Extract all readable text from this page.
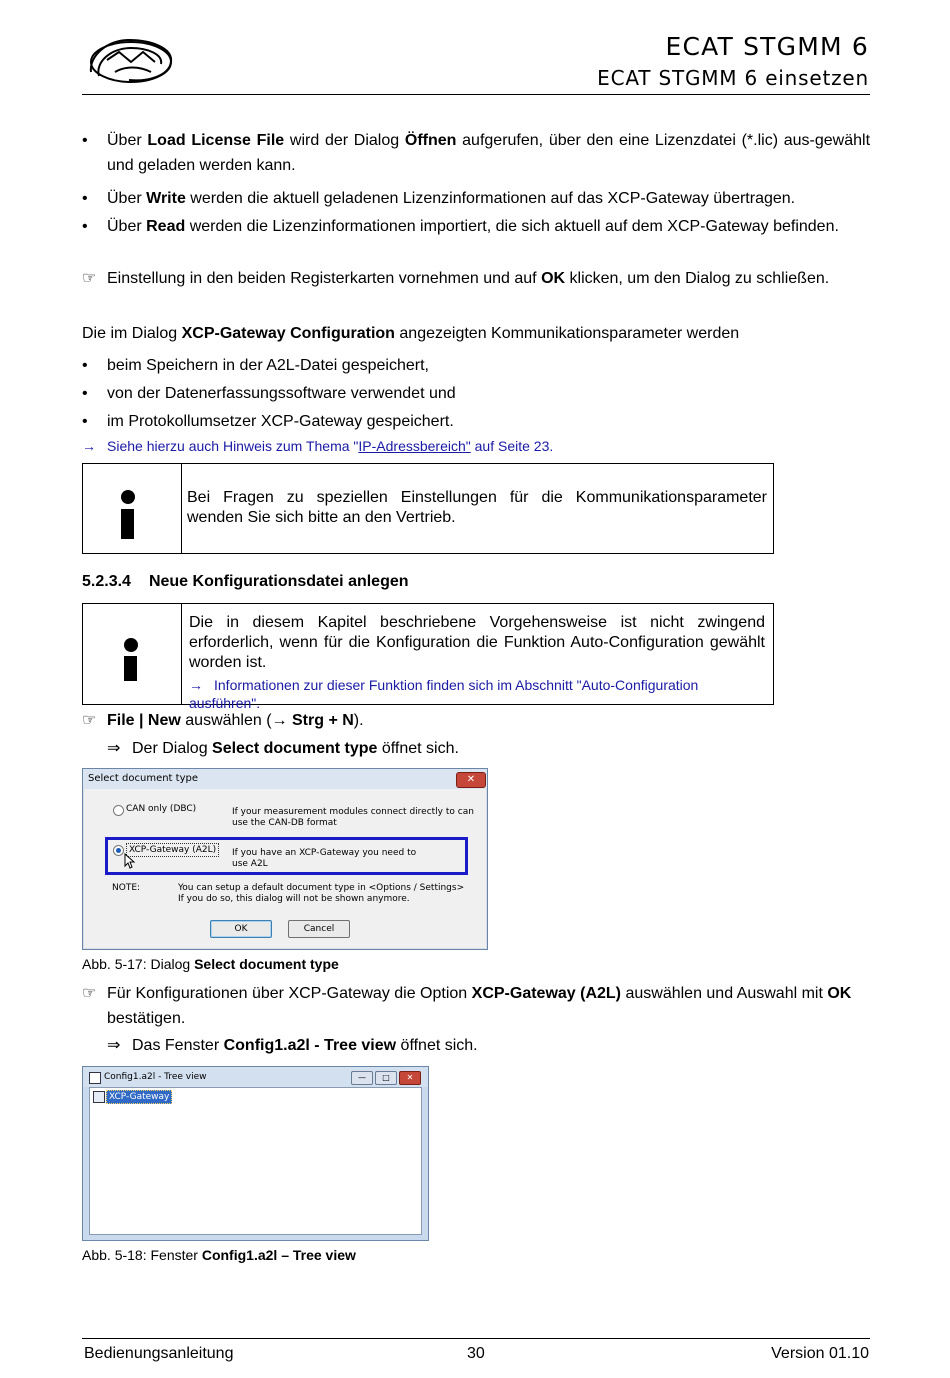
ECAT STGMM 6
ECAT STGMM 6 einsetzen
•	Über Load License File wird der Dialog Öffnen aufgerufen, über den eine Lizenzdatei (*.lic) aus-gewählt und geladen werden kann.
•	Über Write werden die aktuell geladenen Lizenzinformationen auf das XCP-Gateway übertragen.
•	Über Read werden die Lizenzinformationen importiert, die sich aktuell auf dem XCP-Gateway befinden.
☞ Einstellung in den beiden Registerkarten vornehmen und auf OK klicken, um den Dialog zu schließen.
Die im Dialog XCP-Gateway Configuration angezeigten Kommunikationsparameter werden
•	beim Speichern in der A2L-Datei gespeichert,
•	von der Datenerfassungssoftware verwendet und
•	im Protokollumsetzer XCP-Gateway gespeichert.
→ Siehe hierzu auch Hinweis zum Thema "IP-Adressbereich" auf Seite 23.
Bei Fragen zu speziellen Einstellungen für die Kommunikationsparameter wenden Sie sich bitte an den Vertrieb.
5.2.3.4 Neue Konfigurationsdatei anlegen
Die in diesem Kapitel beschriebene Vorgehensweise ist nicht zwingend erforderlich, wenn für die Konfiguration die Funktion Auto-Configuration gewählt worden ist.
→ Informationen zur dieser Funktion finden sich im Abschnitt "Auto-Configuration ausführen".
☞ File | New auswählen (→ Strg + N).
⇒ Der Dialog Select document type öffnet sich.
Select document type	✕
CAN only (DBC)	If your measurement modules connect directly to can
use the CAN-DB format
XCP-Gateway (A2L)	If you have an XCP-Gateway you need to
use A2L
NOTE:	You can setup a default document type in <Options / Settings>
If you do so, this dialog will not be shown anymore.
OK	Cancel
Abb. 5-17: Dialog Select document type
☞ Für Konfigurationen über XCP-Gateway die Option XCP-Gateway (A2L) auswählen und Auswahl mit OK bestätigen.
⇒ Das Fenster Config1.a2l - Tree view öffnet sich.
Config1.a2l - Tree view	—	□	✕
XCP-Gateway
Abb. 5-18: Fenster Config1.a2l – Tree view
Bedienungsanleitung	30	Version 01.10
